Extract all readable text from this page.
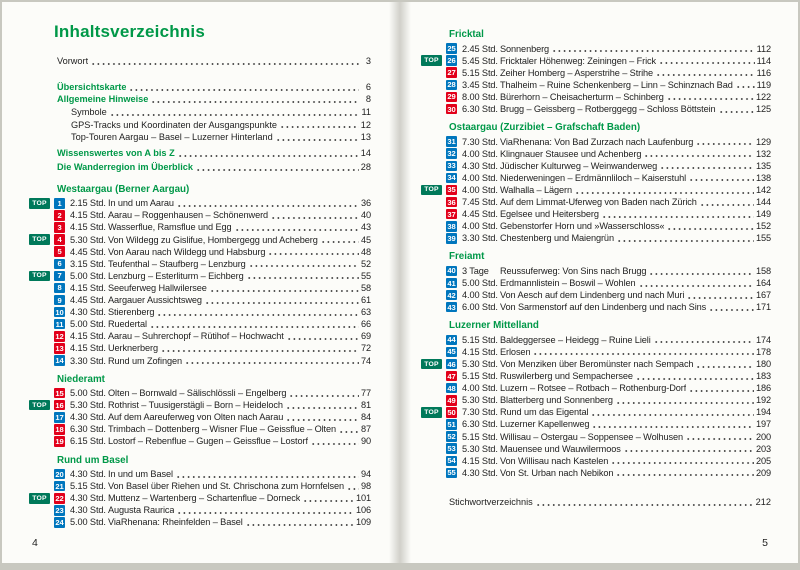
Inhaltsverzeichnis
Vorwort	3
Übersichtskarte	6
Allgemeine Hinweise	8
Symbole	11
GPS-Tracks und Koordinaten der Ausgangspunkte	12
Top-Touren Aargau – Basel – Luzerner Hinterland	13
Wissenswertes von A bis Z	14
Die Wanderregion im Überblick	28
Westaargau (Berner Aargau)
TOP	1 2.15 Std. In und um Aarau	36
2 4.15 Std. Aarau – Roggenhausen – Schönenwerd	40
3 4.15 Std. Wasserflue, Ramsflue und Egg	43
TOP	4 5.30 Std. Von Wildegg zu Gislifue, Hombergegg und Acheberg	45
5 4.45 Std. Von Aarau nach Wildegg und Habsburg	48
6 3.15 Std. Teufenthal – Staufberg – Lenzburg	52
TOP	7 5.00 Std. Lenzburg – Esterliturm – Eichberg	55
8 4.15 Std. Seeuferweg Hallwilersee	58
9 4.45 Std. Aargauer Aussichtsweg	61
10 4.30 Std. Stierenberg	63
11 5.00 Std. Ruedertal	66
12 4.15 Std. Aarau – Suhrerchopf – Rütihof – Hochwacht	69
13 4.15 Std. Uerknerberg	72
14 3.30 Std. Rund um Zofingen	74
Niederamt
15 5.00 Std. Olten – Bornwald – Sälischlössli – Engelberg	77
TOP	16 5.30 Std. Rothrist – Tuusigerstägli – Born – Heideloch	81
17 4.30 Std. Auf dem Aareuferweg von Olten nach Aarau	84
18 6.30 Std. Trimbach – Dottenberg – Wisner Flue – Geissflue – Olten	87
19 6.15 Std. Lostorf – Rebenflue – Gugen – Geissflue – Lostorf	90
Rund um Basel
20 4.30 Std. In und um Basel	94
21 5.15 Std. Von Basel über Riehen und St. Chrischona zum Hornfelsen 98
TOP	22 4.30 Std. Muttenz – Wartenberg – Schartenflue – Dorneck	101
23 4.30 Std. Augusta Raurica	106
24 5.00 Std. ViaRhenana: Rheinfelden – Basel	109
4
Fricktal
25 2.45 Std. Sonnenberg	112
TOP	26 5.45 Std. Fricktaler Höhenweg: Zeiningen – Frick	114
27 5.15 Std. Zeiher Homberg – Asperstrihe – Strihe	116
28 3.45 Std. Thalheim – Ruine Schenkenberg – Linn – Schinznach Bad	119
29 8.00 Std. Bürerhorn – Cheisacherturm – Schinberg	122
30 6.30 Std. Brugg – Geissberg – Rotberggegg – Schloss Böttstein	125
Ostaargau (Zurzibiet – Grafschaft Baden)
31 7.30 Std. ViaRhenana: Von Bad Zurzach nach Laufenburg	129
32 4.00 Std. Klingnauer Stausee und Achenberg	132
33 4.30 Std. Jüdischer Kulturweg – Weinwanderweg	135
34 4.00 Std. Niederweningen – Erdmännliloch – Kaiserstuhl	138
TOP	35 4.00 Std. Walhalla – Lägern	142
36 7.45 Std. Auf dem Limmat-Uferweg von Baden nach Zürich	144
37 4.45 Std. Egelsee und Heitersberg	149
38 4.00 Std. Gebenstorfer Horn und »Wasserschloss«	152
39 3.30 Std. Chestenberg und Maiengrün	155
Freiamt
40 3 Tage	Reussuferweg: Von Sins nach Brugg	158
41 5.00 Std. Erdmannlistein – Boswil – Wohlen	164
42 4.00 Std. Von Aesch auf dem Lindenberg und nach Muri	167
43 6.00 Std. Von Sarmenstorf auf den Lindenberg und nach Sins	171
Luzerner Mittelland
44 5.15 Std. Baldeggersee – Heidegg – Ruine Lieli	174
45 4.15 Std. Erlosen	178
TOP	46 5.30 Std. Von Menziken über Beromünster nach Sempach	180
47 5.15 Std. Ruswilerberg und Sempachersee	183
48 4.00 Std. Luzern – Rotsee – Rotbach – Rothenburg-Dorf	186
49 5.30 Std. Blatterberg und Sonnenberg	192
TOP	50 7.30 Std. Rund um das Eigental	194
51 6.30 Std. Luzerner Kapellenweg	197
52 5.15 Std. Willisau – Ostergau – Soppensee – Wolhusen	200
53 5.30 Std. Mauensee und Wauwilermoos	203
54 4.15 Std. Von Willisau nach Kastelen	205
55 4.30 Std. Von St. Urban nach Nebikon	209
Stichwortverzeichnis	212
5
